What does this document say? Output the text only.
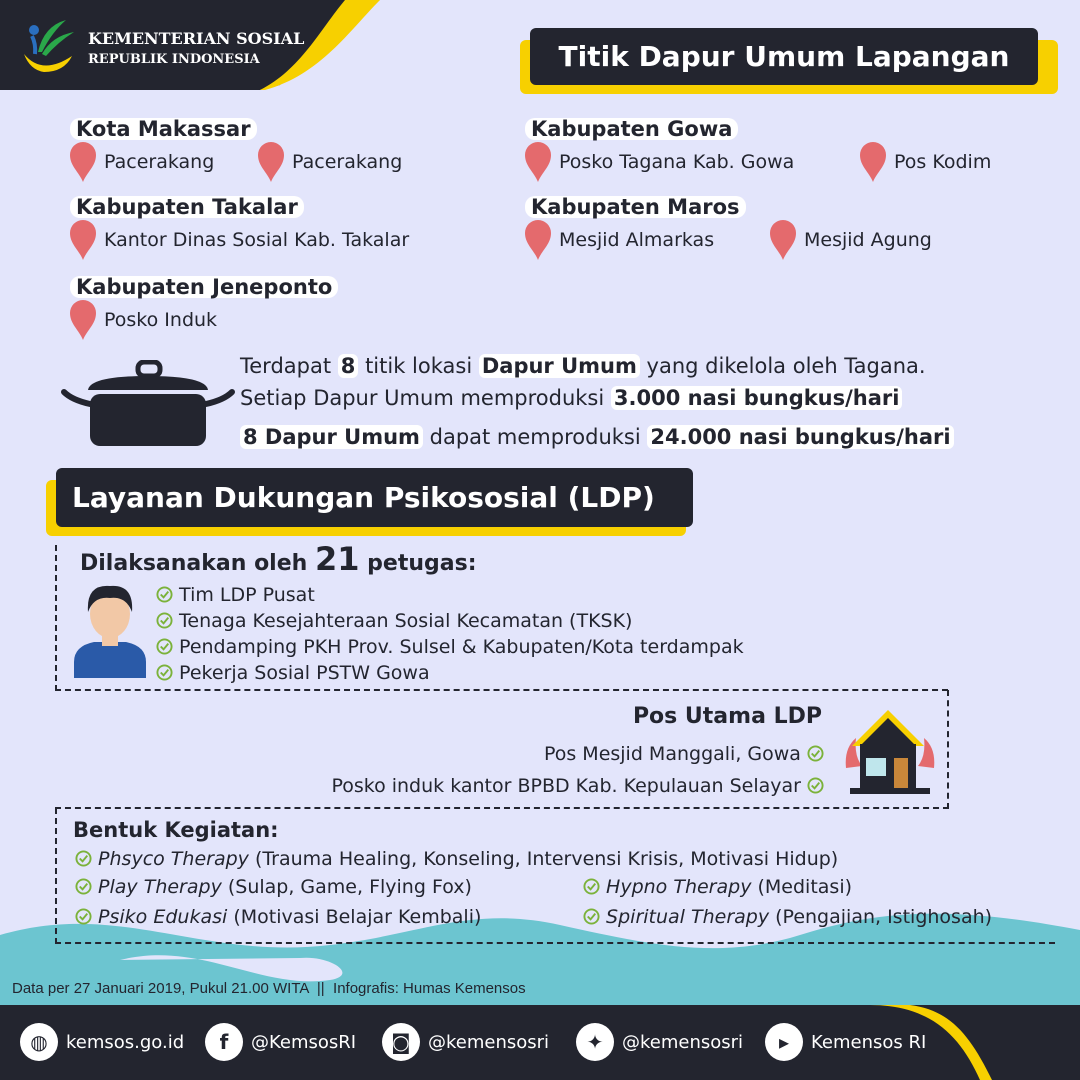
KEMENTERIAN SOSIAL
REPUBLIK INDONESIA	Titik Dapur Umum Lapangan
Kota Makassar
Pacerakang	Pacerakang
Kabupaten Takalar
Kantor Dinas Sosial Kab. Takalar
Kabupaten Jeneponto
Posko Induk
Kabupaten Gowa
Posko Tagana Kab. Gowa	Pos Kodim
Kabupaten Maros
Mesjid Almarkas	Mesjid Agung
Terdapat 8 titik lokasi Dapur Umum yang dikelola oleh Tagana.
Setiap Dapur Umum memproduksi 3.000 nasi bungkus/hari
8 Dapur Umum dapat memproduksi 24.000 nasi bungkus/hari
Layanan Dukungan Psikososial (LDP)
Dilaksanakan oleh 21 petugas:
Tim LDP Pusat
Tenaga Kesejahteraan Sosial Kecamatan (TKSK)
Pendamping PKH Prov. Sulsel & Kabupaten/Kota terdampak
Pekerja Sosial PSTW Gowa
Pos Utama LDP
Pos Mesjid Manggali, Gowa
Posko induk kantor BPBD Kab. Kepulauan Selayar
Bentuk Kegiatan:
Phsyco Therapy (Trauma Healing, Konseling, Intervensi Krisis, Motivasi Hidup)
Play Therapy (Sulap, Game, Flying Fox)	Hypno Therapy (Meditasi)
Psiko Edukasi (Motivasi Belajar Kembali)	Spiritual Therapy (Pengajian, Istighosah)
Data per 27 Januari 2019, Pukul 21.00 WITA  ||  Infografis: Humas Kemensos
◍	kemsos.go.id	f	@KemsosRI	◙ @kemensosri	✦	@kemensosri	▸	Kemensos RI
